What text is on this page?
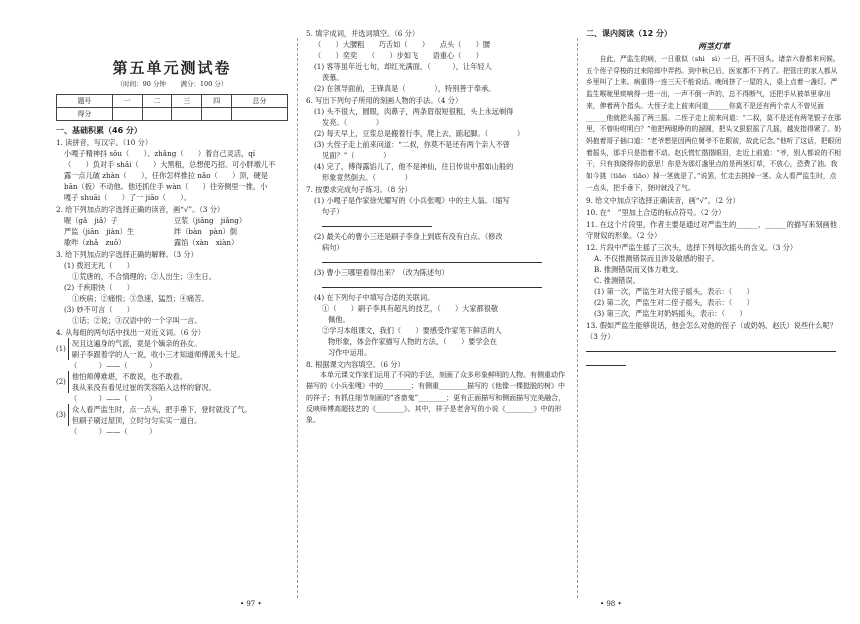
第五单元测试卷
（时间：90 分钟 满分：100 分）
题号	一	二	三	四	总分
得分					
一、基础积累（46 分）
1. 读拼音，写汉字。（10 分）
小嘎子精神抖 sǒu（　　）、zhǎng（　　）着自己灵活，qí
（　　）负对手 shǎi（　　）大黑粗，总想使巧招。可小胖墩儿不
露一点儿破 zhàn（　　），任你怎样推拉 nǎo（　　）顶，硬是
bān（扳）不动他。他还抓住手 wàn（　　）往旁侧里一推，小
嘎子 shuāi（　　）了一 jiāo（　　）。
2. 给下列加点的字选择正确的读音，画“√”。（3 分）
喔（gǎ　jiǎ）子	豆浆（jiāng　jiǎng）
严监（jiān　jiàn）生	绊（bàn　pàn）倒
歌咋（zhǎ　zuǒ）	露馅（xàn　xiàn）
3. 给下列加点的字选择正确的解释。（3 分）
(1) 拨迟无礼（　　）
①荒唐的，不合情理的；②人出生；③生日。
(2) 千疾眼快（　　）
①疾病；②痛恨；③急速，猛烈；④痛苦。
(3) 妙不可言（　　）
①话；②说；③汉语中的一个字叫一言。
4. 从每组的两句话中找出一对近义词。（6 分）
(1)
况且这遍身的气派，竟是个嫡亲的孙女。
刷子李跟着学的人一说，收小三才知道师傅派头十足。
（　　　）——（　　　）
(2)
他怕师傅难堪，不敢说，也不敢看。
我从来没有看见过崔的笑容陷入这样的窘况。
（　　　）——（　　　）
(3)
众人看严监生时，点一点头，把手垂下，登时就没了气。
但刷子刷过屋顶，立时匀匀实实一道白。
（　　　）——（　　　）
• 97 •
5. 填字成词，并选词填空。（6 分）
（　　）大腰粗　　巧舌如（　　）　　点头（　　）腰
（　　）奕奕　　（　　）步如飞　　语重心（　　）
(1) 客等虽年近七旬，却红光满面，（　　　），让年轻人
羡慕。
(2) 在领导面前，王锋真是（　　　　），特别善于奉承。
6. 写出下列句子所用的刻画人物的手法。（4 分）
(1) 头不很大，圆眼，肉鼻子，两条眉很短很粗，头上永远剃得
发亮。（　　　　）
(2) 每天早上，豆浆总是搬着行李，爬上去，踮起脚。（　　　　）
(3) 大侄子走上前来问道：“二叔，你莫不是还有两个亲人不曾
见面？”（　　　　）
(4) 完了，傅得露馅儿了，他不是神仙，往日传说中那如山般的
形象竟然倒去。（　　　　）
7. 按要求完成句子练习。（8 分）
(1) 小嘎子是作家徐光耀写的《小兵张嘎》中的主人翁。（缩写
句子）
(2) 最关心的曹小三还是刷子李身上到底有没有白点。（修改
病句）
(3) 曹小三哪里看得出来？（改为陈述句）
(4) 在下列句子中填写合适的关联词。
①（　　）刷子李具有超凡的技艺，（　　）大家都很敬
佩他。
②学习本组课文，我们（　　）要感受作家笔下鲜活的人
物形象，体会作家描写人物的方法，（　　）要学会在
习作中运用。
8. 根据课文内容填空。（6 分）
本单元课文作家们运用了不同的手法，刻画了众多形象鲜明的人物。有侧重动作描写的《小兵张嘎》中的________；有侧重________描写的《他像一棵挺脱的树》中的祥子；有抓住细节刻画的“吝啬鬼”________；更有正面描写和侧面描写完美融合，反映师傅高超技艺的《________》。其中，祥子是老舍写的小说《________》中的形象。
二、课内阅读（12 分）
两茎灯草
自此，严监生的病，一日重似（shì　sì）一日，再不回头。诸亲六眷都来问候。五个侄子穿梭的过来陪郎中弄药。到中秋已后，医家都不下药了。把管庄的家人都从乡里叫了上来。病重得一连三天不能说话。晚间挤了一屋的人，桌上点着一盏灯。严监生喉咙里痰响得一进一出，一声不倒一声的，总不得断气，还把手从被单里拿出来，伸着两个指头。大侄子走上前来问道______你莫不是还有两个亲人不曾见面______他就把头摇了两三摇。二侄子走上前来问道：“二叔，莫不是还有两笔银子在那里，不曾吩咐明白？”他把两眼睁的的溜圆，把头又狠狠摇了几摇，越发指得紧了。奶妈抱着哥子插口道：“老爷想是因两位舅爷不在跟前，故此记念。”他听了这话，把眼闭着摇头，那手只是指着不动。赵氏慌忙揩揩眼泪，走近上前道：“爷，别人都说的不相干，只有我晓得你的意思！你是为那灯盏里点的是两茎灯草，不放心，恐费了油。我如今挑（tiāo　tiǎo）掉一茎就是了。”说罢，忙走去挑掉一茎。众人看严监生时，点一点头，把手垂下，登时就没了气。
9. 给文中加点字选择正确读音，画“√”。（2 分）
10. 在“　”里加上合适的标点符号。（2 分）
11. 在这个片段里，作者主要是通过对严监生的______、______的描写来刻画他守财奴的形象。（2 分）
12. 片段中严监生摇了三次头，选择下列每次摇头的含义。（3 分）
A. 不仅推测错误而且涉及敏感的银子。
B. 推测错误而又体力难支。
C. 推测错误。
(1) 第一次，严监生对大侄子摇头，表示：（　　）
(2) 第二次，严监生对二侄子摇头，表示：（　　）
(3) 第三次，严监生对奶妈摇头，表示：（　　）
13. 假如严监生能够说话，他会怎么对他的侄子（或奶妈、赵氏）说些什么呢？（3 分）
• 98 •
